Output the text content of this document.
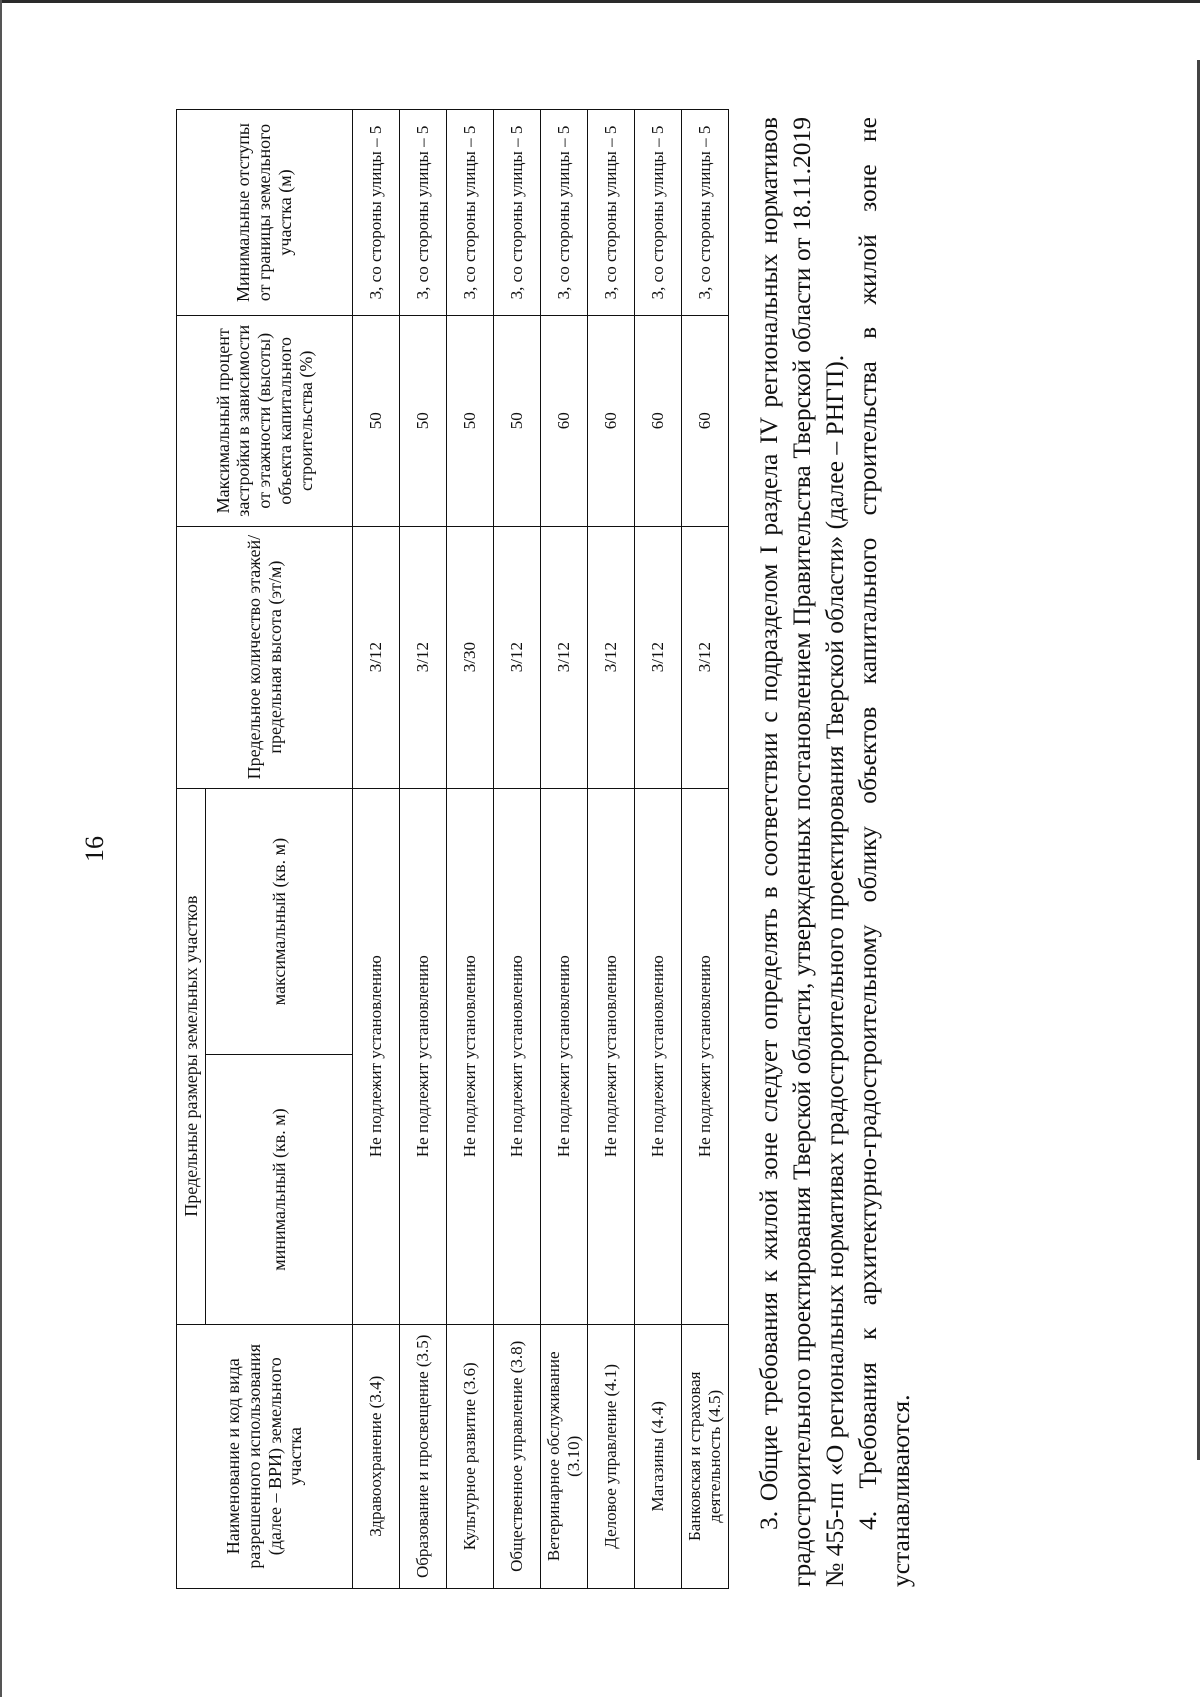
16
Наименование и код вида разрешенного использования (далее – ВРИ) земельного участка	Предельные размеры земельных участков		Предельное количество этажей/ предельная высота (эт/м)	Максимальный процент застройки в зависимости от этажности (высоты) объекта капитального строительства (%)	Минимальные отступы от границы земельного участка (м)
	минимальный (кв. м)	максимальный (кв. м)			
Здравоохранение (3.4)	Не подлежит установлению		3/12	50	3, со стороны улицы – 5
Образование и просвещение (3.5)	Не подлежит установлению		3/12	50	3, со стороны улицы – 5
Культурное развитие (3.6)	Не подлежит установлению		3/30	50	3, со стороны улицы – 5
Общественное управление (3.8)	Не подлежит установлению		3/12	50	3, со стороны улицы – 5
Ветеринарное обслуживание (3.10)	Не подлежит установлению		3/12	60	3, со стороны улицы – 5
Деловое управление (4.1)	Не подлежит установлению		3/12	60	3, со стороны улицы – 5
Магазины (4.4)	Не подлежит установлению		3/12	60	3, со стороны улицы – 5
Банковская и страховая деятельность (4.5)	Не подлежит установлению		3/12	60	3, со стороны улицы – 5 3. Общие требования к жилой зоне следует определять в соответствии с подразделом I раздела IV региональных нормативов градостроительного проектирования Тверской области, утвержденных постановлением Правительства Тверской области от 18.11.2019 № 455-пп «О региональных нормативах градостроительного проектирования Тверской области» (далее – РНГП). 4. Требования к архитектурно-градостроительному облику объектов капитального строительства в жилой зоне не устанавливаются.
